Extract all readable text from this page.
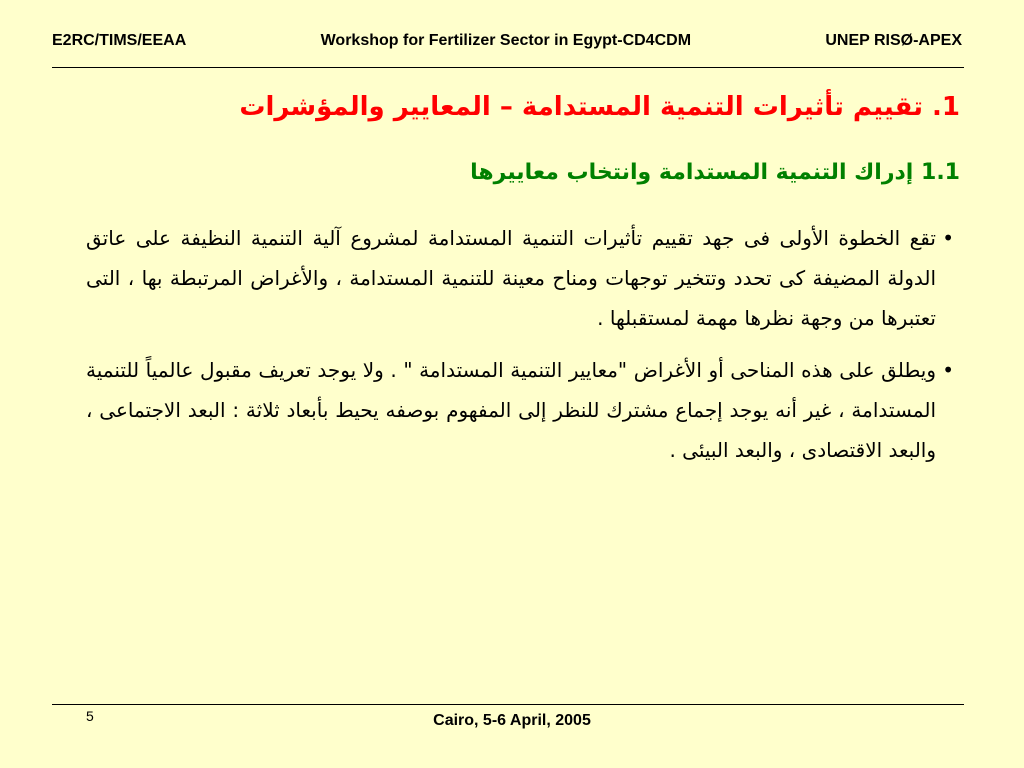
E2RC/TIMS/EEAA	Workshop for Fertilizer Sector in Egypt-CD4CDM	UNEP RISØ-APEX
1. تقييم تأثيرات التنمية المستدامة – المعايير والمؤشرات
1.1 إدراك التنمية المستدامة وانتخاب معاييرها
•
تقع الخطوة الأولى فى جهد تقييم تأثيرات التنمية المستدامة لمشروع آلية التنمية النظيفة على عاتق الدولة المضيفة كى تحدد وتتخير توجهات ومناح معينة للتنمية المستدامة ، والأغراض المرتبطة بها ، التى تعتبرها من وجهة نظرها مهمة لمستقبلها .
•
ويطلق على هذه المناحى أو الأغراض "معايير التنمية المستدامة " . ولا يوجد تعريف مقبول عالمياً للتنمية المستدامة ، غير أنه يوجد إجماع مشترك للنظر إلى المفهوم بوصفه يحيط بأبعاد ثلاثة : البعد الاجتماعى ، والبعد الاقتصادى ، والبعد البيئى .
5	Cairo, 5-6 April, 2005
